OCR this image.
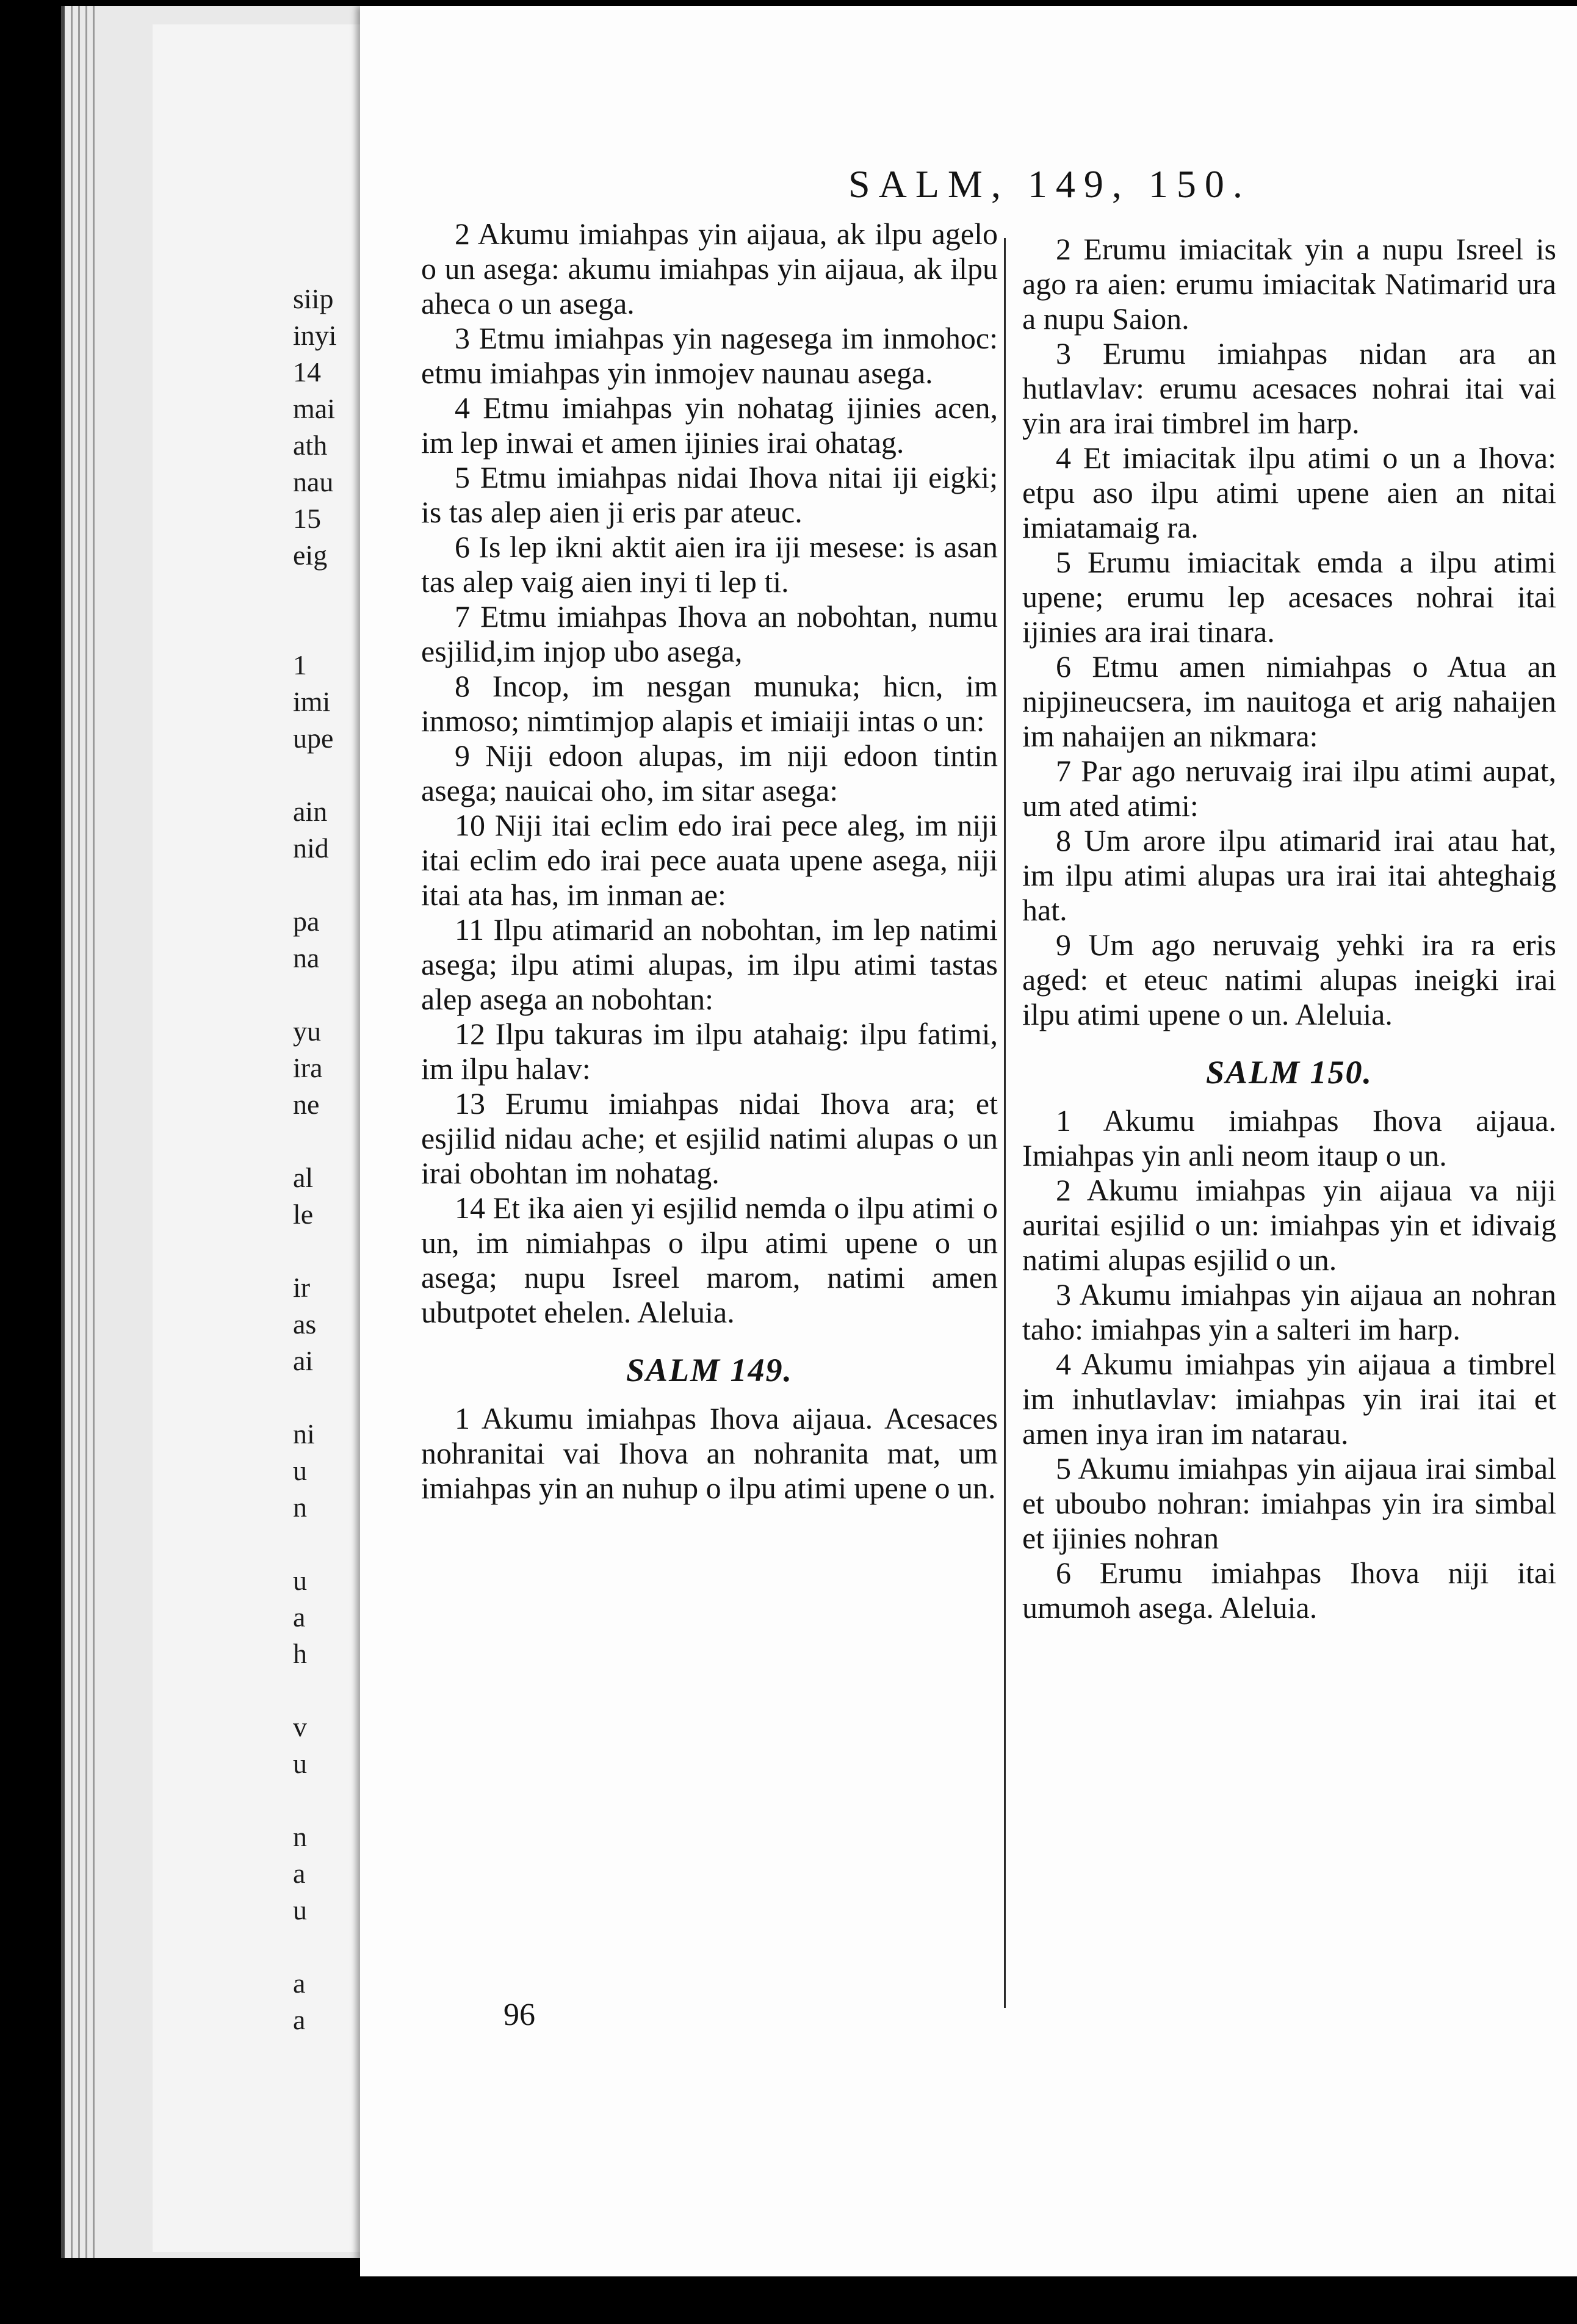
siip
inyi
14
mai
ath
nau
15
eig
1
imi
upe
ain
nid
pa
na
yu
ira
ne
al
le
ir
as
ai
ni
u
n
u
a
h
v
u
n
a
u
a
a
SALM, 149, 150.

2 Akumu imiahpas yin aijaua, ak ilpu agelo o un asega: akumu imiahpas yin aijaua, ak ilpu aheca o un asega.

3 Etmu imiahpas yin nagesega im inmohoc: etmu imiahpas yin inmojev naunau asega.

4 Etmu imiahpas yin nohatag ijinies acen, im lep inwai et amen ijinies irai ohatag.

5 Etmu imiahpas nidai Ihova nitai iji eigki; is tas alep aien ji eris par ateuc.

6 Is lep ikni aktit aien ira iji mesese: is asan tas alep vaig aien inyi ti lep ti.

7 Etmu imiahpas Ihova an nobohtan, numu esjilid,im injop ubo asega,

8 Incop, im nesgan munuka; hicn, im inmoso; nimtimjop alapis et imiaiji intas o un:

9 Niji edoon alupas, im niji edoon tintin asega; nauicai oho, im sitar asega:

10 Niji itai eclim edo irai pece aleg, im niji itai eclim edo irai pece auata upene asega, niji itai ata has, im inman ae:

11 Ilpu atimarid an nobohtan, im lep natimi asega; ilpu atimi alupas, im ilpu atimi tastas alep asega an nobohtan:

12 Ilpu takuras im ilpu atahaig: ilpu fatimi, im ilpu halav:

13 Erumu imiahpas nidai Ihova ara; et esjilid nidau ache; et esjilid natimi alupas o un irai obohtan im nohatag.

14 Et ika aien yi esjilid nemda o ilpu atimi o un, im nimiahpas o ilpu atimi upene o un asega; nupu Isreel marom, natimi amen ubutpotet ehelen. Aleluia.

SALM 149.

1 Akumu imiahpas Ihova aijaua. Acesaces nohranitai vai Ihova an nohranita mat, um imiahpas yin an nuhup o ilpu atimi upene o un.

2 Erumu imiacitak yin a nupu Isreel is ago ra aien: erumu imiacitak Natimarid ura a nupu Saion.

3 Erumu imiahpas nidan ara an hutlavlav: erumu acesaces nohrai itai vai yin ara irai timbrel im harp.

4 Et imiacitak ilpu atimi o un a Ihova: etpu aso ilpu atimi upene aien an nitai imiatamaig ra.

5 Erumu imiacitak emda a ilpu atimi upene; erumu lep acesaces nohrai itai ijinies ara irai tinara.

6 Etmu amen nimiahpas o Atua an nipjineucsera, im nauitoga et arig nahaijen im nahaijen an nikmara:

7 Par ago neruvaig irai ilpu atimi aupat, um ated atimi:

8 Um arore ilpu atimarid irai atau hat, im ilpu atimi alupas ura irai itai ahteghaig hat.

9 Um ago neruvaig yehki ira ra eris aged: et eteuc natimi alupas ineigki irai ilpu atimi upene o un. Aleluia.

SALM 150.

1 Akumu imiahpas Ihova aijaua. Imiahpas yin anli neom itaup o un.

2 Akumu imiahpas yin aijaua va niji auritai esjilid o un: imiahpas yin et idivaig natimi alupas esjilid o un.

3 Akumu imiahpas yin aijaua an nohran taho: imiahpas yin a salteri im harp.

4 Akumu imiahpas yin aijaua a timbrel im inhutlavlav: imiahpas yin irai itai et amen inya iran im natarau.

5 Akumu imiahpas yin aijaua irai simbal et uboubo nohran: imiahpas yin ira simbal et ijinies nohran

6 Erumu imiahpas Ihova niji itai umumoh asega. Aleluia.

96
